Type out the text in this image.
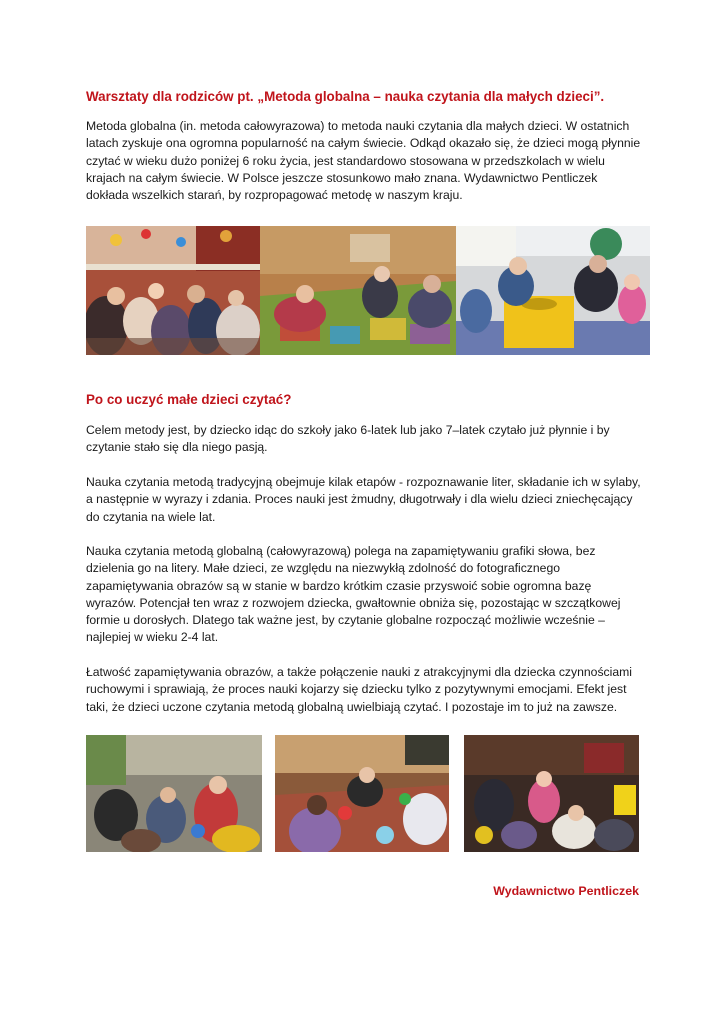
Warsztaty dla rodziców pt. „Metoda globalna – nauka czytania dla małych dzieci”.

Metoda globalna (in. metoda całowyrazowa) to metoda nauki czytania dla małych dzieci. W ostatnich latach zyskuje ona ogromna popularność na całym świecie. Odkąd okazało się, że dzieci mogą płynnie czytać w wieku dużo poniżej 6 roku życia, jest standardowo stosowana w przedszkolach w wielu krajach na całym świecie. W Polsce jeszcze stosunkowo mało znana. Wydawnictwo Pentliczek dokłada wszelkich starań, by rozpropagować metodę w naszym kraju.

Po co uczyć małe dzieci czytać?

Celem metody jest, by dziecko idąc do szkoły jako 6-latek lub jako 7–latek czytało już płynnie i by czytanie stało się dla niego pasją.

Nauka czytania metodą tradycyjną obejmuje kilak etapów - rozpoznawanie liter, składanie ich w sylaby, a następnie w wyrazy i zdania. Proces nauki jest żmudny, długotrwały i dla wielu dzieci zniechęcający do czytania na wiele lat.

Nauka czytania metodą globalną (całowyrazową) polega na zapamiętywaniu grafiki słowa, bez dzielenia go na litery. Małe dzieci, ze względu na niezwykłą zdolność do fotograficznego zapamiętywania obrazów są w stanie w bardzo krótkim czasie przyswoić sobie ogromna bazę wyrazów. Potencjał ten wraz z rozwojem dziecka, gwałtownie obniża się, pozostając w szczątkowej formie u dorosłych. Dlatego tak ważne jest, by czytanie globalne rozpocząć możliwie wcześnie – najlepiej w wieku 2-4 lat.

Łatwość zapamiętywania obrazów, a także połączenie nauki z atrakcyjnymi dla dziecka czynnościami ruchowymi i sprawiają, że proces nauki kojarzy się dziecku tylko z pozytywnymi emocjami. Efekt jest taki, że dzieci uczone czytania metodą globalną uwielbiają czytać. I pozostaje im to już na zawsze.

Wydawnictwo Pentliczek
